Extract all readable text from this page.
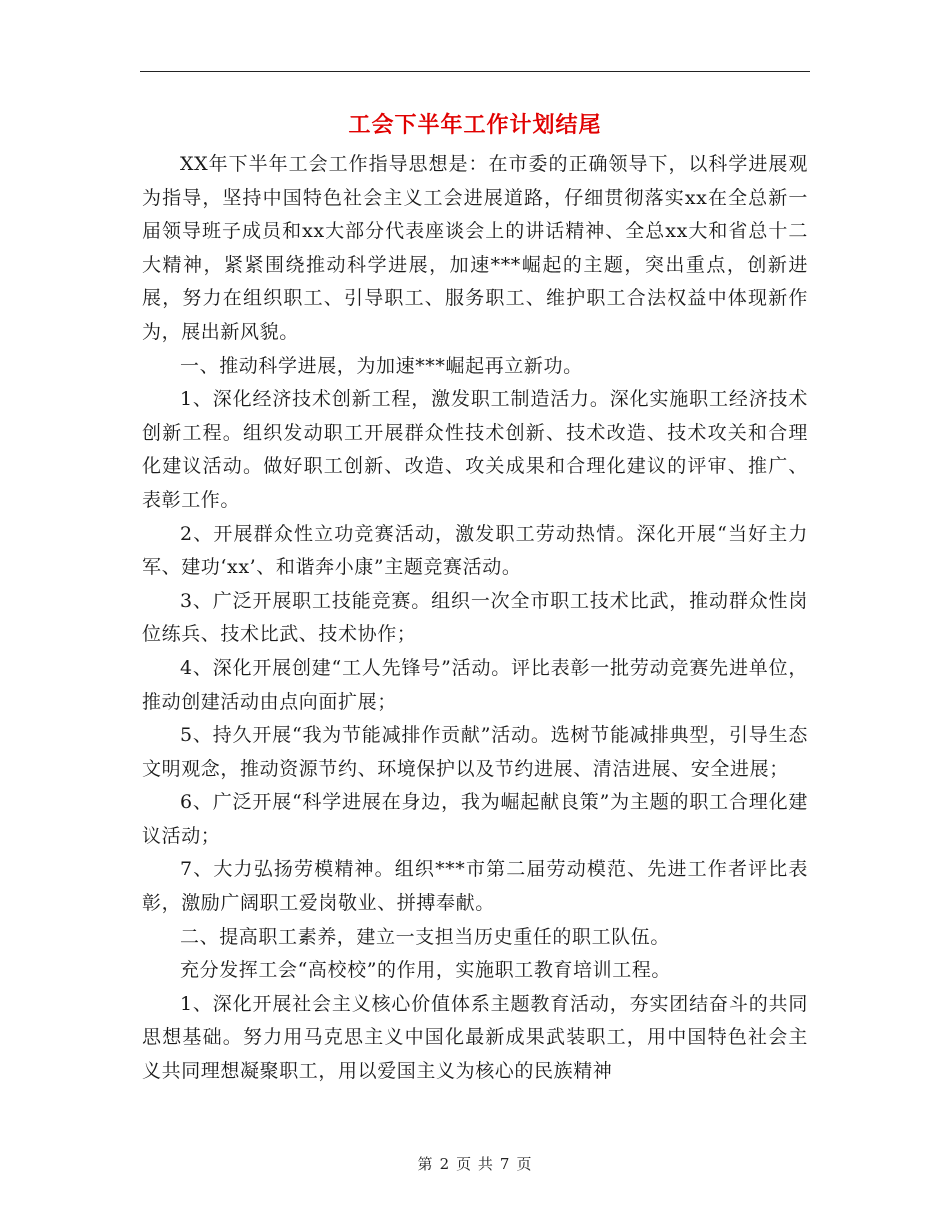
工会下半年工作计划结尾

XX年下半年工会工作指导思想是：在市委的正确领导下，以科学进展观为指导，坚持中国特色社会主义工会进展道路，仔细贯彻落实xx在全总新一届领导班子成员和xx大部分代表座谈会上的讲话精神、全总xx大和省总十二大精神，紧紧围绕推动科学进展，加速***崛起的主题，突出重点，创新进展，努力在组织职工、引导职工、服务职工、维护职工合法权益中体现新作为，展出新风貌。

一、推动科学进展，为加速***崛起再立新功。

1、深化经济技术创新工程，激发职工制造活力。深化实施职工经济技术创新工程。组织发动职工开展群众性技术创新、技术改造、技术攻关和合理化建议活动。做好职工创新、改造、攻关成果和合理化建议的评审、推广、表彰工作。

2、开展群众性立功竞赛活动，激发职工劳动热情。深化开展“当好主力军、建功‘xx’、和谐奔小康”主题竞赛活动。

3、广泛开展职工技能竞赛。组织一次全市职工技术比武，推动群众性岗位练兵、技术比武、技术协作；

4、深化开展创建“工人先锋号”活动。评比表彰一批劳动竞赛先进单位，推动创建活动由点向面扩展；

5、持久开展“我为节能减排作贡献”活动。选树节能减排典型，引导生态文明观念，推动资源节约、环境保护以及节约进展、清洁进展、安全进展；

6、广泛开展“科学进展在身边，我为崛起献良策”为主题的职工合理化建议活动；

7、大力弘扬劳模精神。组织***市第二届劳动模范、先进工作者评比表彰，激励广阔职工爱岗敬业、拼搏奉献。

二、提高职工素养，建立一支担当历史重任的职工队伍。

充分发挥工会“高校校”的作用，实施职工教育培训工程。

1、深化开展社会主义核心价值体系主题教育活动，夯实团结奋斗的共同思想基础。努力用马克思主义中国化最新成果武装职工，用中国特色社会主义共同理想凝聚职工，用以爱国主义为核心的民族精神

第 2 页 共 7 页
